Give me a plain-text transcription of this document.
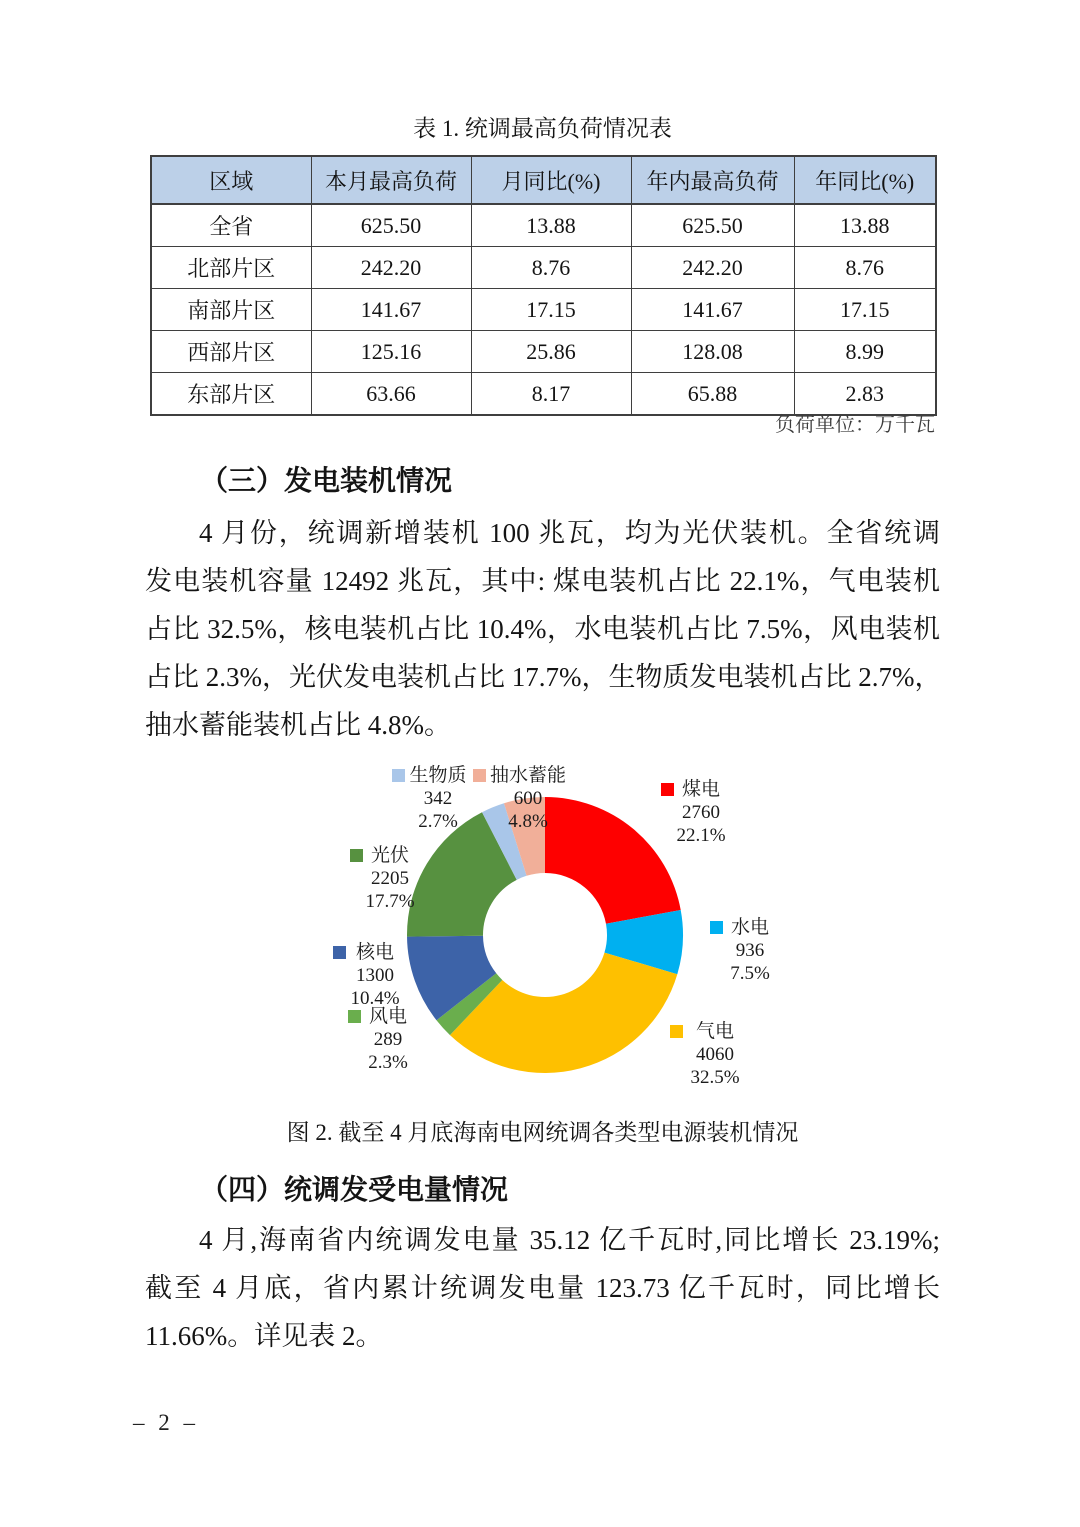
表 1. 统调最高负荷情况表
区域	本月最高负荷	月同比(%)	年内最高负荷	年同比(%)
全省	625.50	13.88	625.50	13.88
北部片区	242.20	8.76	242.20	8.76
南部片区	141.67	17.15	141.67	17.15
西部片区	125.16	25.86	128.08	8.99
东部片区	63.66	8.17	65.88	2.83
负荷单位：万千瓦
（三）发电装机情况
4 月份，统调新增装机 100 兆瓦，均为光伏装机。全省统调
发电装机容量 12492 兆瓦，其中: 煤电装机占比 22.1%，气电装机
占比 32.5%，核电装机占比 10.4%，水电装机占比 7.5%，风电装机
占比 2.3%，光伏发电装机占比 17.7%，生物质发电装机占比 2.7%，
抽水蓄能装机占比 4.8%。
煤电
2760
22.1%
水电
936
7.5%
气电
4060
32.5%
风电
289
2.3%
核电
1300
10.4%
光伏
2205
17.7%
生物质
342
2.7%
抽水蓄能
600
4.8%
图 2. 截至 4 月底海南电网统调各类型电源装机情况
（四）统调发受电量情况
4 月,海南省内统调发电量 35.12 亿千瓦时,同比增长 23.19%;
截至 4 月底，省内累计统调发电量 123.73 亿千瓦时，同比增长
11.66%。详见表 2。
– 2 –
